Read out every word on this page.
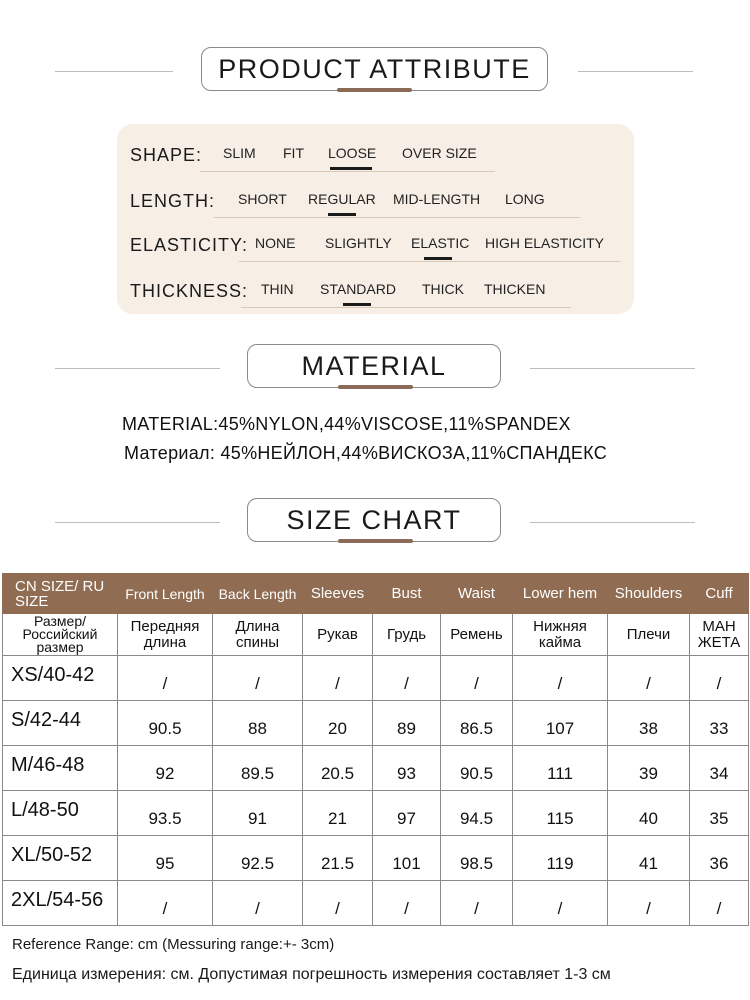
PRODUCT ATTRIBUTE
SHAPE: SLIM FIT LOOSE OVER SIZE
LENGTH: SHORT REGULAR MID-LENGTH LONG
ELASTICITY: NONE SLIGHTLY ELASTIC HIGH ELASTICITY
THICKNESS: THIN STANDARD THICK THICKEN
MATERIAL
MATERIAL:45%NYLON,44%VISCOSE,11%SPANDEX
Материал: 45%НЕЙЛОН,44%ВИСКОЗА,11%СПАНДЕКС
SIZE CHART
CN SIZE/ RU SIZE	Front Length	Back Length	Sleeves	Bust	Waist	Lower hem	Shoulders	Cuff
Размер/ Российский размер	Передняя длина	Длина спины	Рукав	Грудь	Ремень	Нижняя кайма	Плечи	МАН ЖЕТА
XS/40-42	/	/	/	/	/	/	/	/
S/42-44	90.5	88	20	89	86.5	107	38	33
M/46-48	92	89.5	20.5	93	90.5	111	39	34
L/48-50	93.5	91	21	97	94.5	115	40	35
XL/50-52	95	92.5	21.5	101	98.5	119	41	36
2XL/54-56	/	/	/	/	/	/	/	/
Reference Range: cm (Messuring range:+- 3cm)
Единица измерения: см. Допустимая погрешность измерения составляет 1-3 см
